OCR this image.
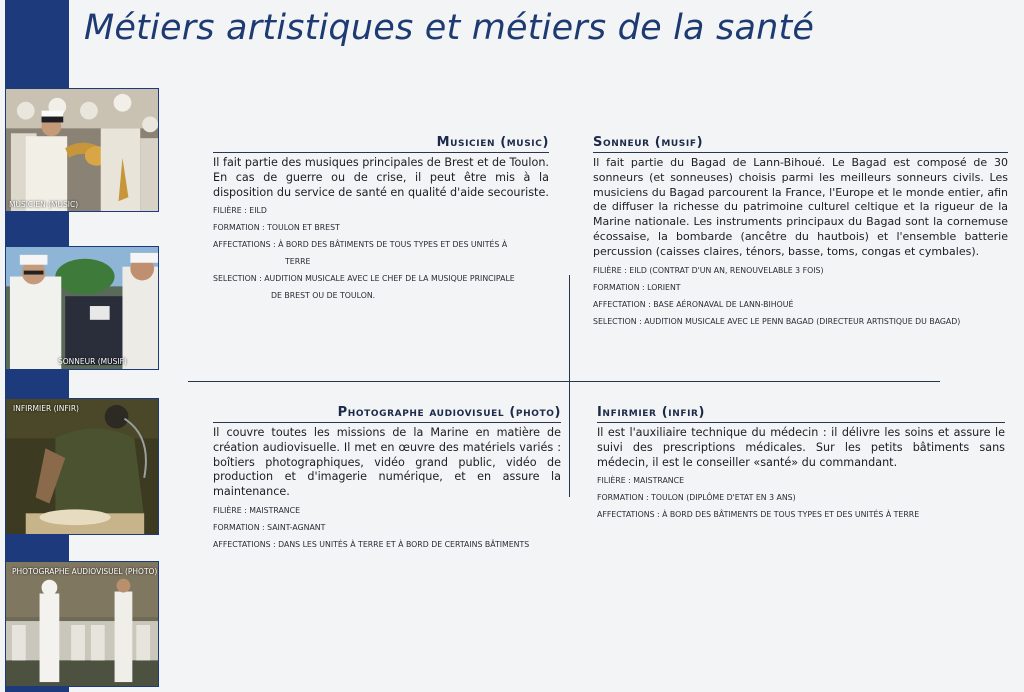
Métiers artistiques et métiers de la santé
MUSICIEN (MUSIC)
SONNEUR (MUSIF)
INFIRMIER (INFIR)
PHOTOGRAPHE AUDIOVISUEL (PHOTO)
Musicien (music)

Il fait partie des musiques principales de Brest et de Toulon. En cas de guerre ou de crise, il peut être mis à la disposition du service de santé en qualité d'aide secouriste.

FILIÈRE : EILD
FORMATION : TOULON ET BREST
AFFECTATIONS : À BORD DES BÂTIMENTS DE TOUS TYPES ET DES UNITÉS À
TERRE
SELECTION : AUDITION MUSICALE AVEC LE CHEF DE LA MUSIQUE PRINCIPALE
DE BREST OU DE TOULON.
Sonneur (musif)

Il fait partie du Bagad de Lann-Bihoué. Le Bagad est composé de 30 sonneurs (et sonneuses) choisis parmi les meilleurs sonneurs civils. Les musiciens du Bagad parcourent la France, l'Europe et le monde entier, afin de diffuser la richesse du patrimoine culturel celtique et la rigueur de la Marine nationale. Les instruments principaux du Bagad sont la cornemuse écossaise, la bombarde (ancêtre du hautbois) et l'ensemble batterie percussion (caisses claires, ténors, basse, toms, congas et cymbales).

FILIÈRE : EILD (CONTRAT D'UN AN, RENOUVELABLE 3 FOIS)
FORMATION : LORIENT
AFFECTATION : BASE AÉRONAVAL DE LANN-BIHOUÉ
SELECTION : AUDITION MUSICALE AVEC LE PENN BAGAD (DIRECTEUR ARTISTIQUE DU BAGAD)
Photographe audiovisuel (photo)

Il couvre toutes les missions de la Marine en matière de création audiovisuelle. Il met en œuvre des matériels variés : boîtiers photographiques, vidéo grand public, vidéo de production et d'imagerie numérique, et en assure la maintenance.

FILIÈRE : MAISTRANCE
FORMATION : SAINT-AGNANT
AFFECTATIONS : DANS LES UNITÉS À TERRE ET À BORD DE CERTAINS BÂTIMENTS
Infirmier (infir)

Il est l'auxiliaire technique du médecin : il délivre les soins et assure le suivi des prescriptions médicales. Sur les petits bâtiments sans médecin, il est le conseiller «santé» du commandant.

FILIÈRE : MAISTRANCE
FORMATION : TOULON (DIPLÔME D'ETAT EN 3 ANS)
AFFECTATIONS : À BORD DES BÂTIMENTS DE TOUS TYPES ET DES UNITÉS À TERRE
